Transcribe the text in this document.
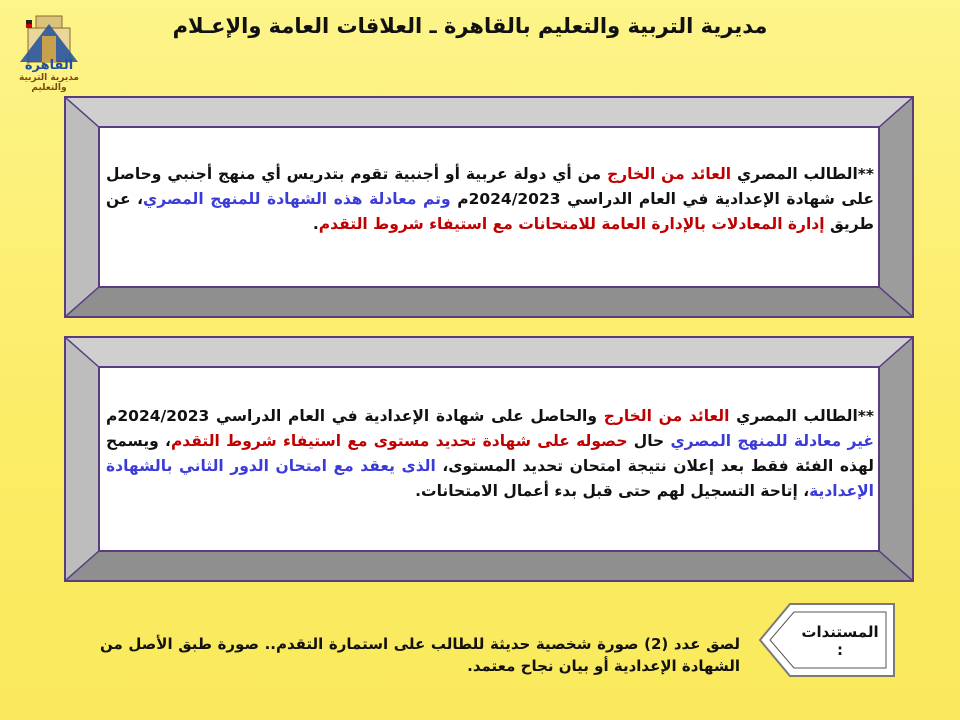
القاهرة
مديرية التربية والتعليم
مديرية التربية والتعليم بالقاهرة ـ العلاقات العامة والإعـلام
**الطالب المصري العائد من الخارج من أي دولة عربية أو أجنبية تقوم بتدريس أي منهج أجنبي وحاصل على شهادة الإعدادية في العام الدراسي 2024/2023م وتم معادلة هذه الشهادة للمنهج المصري، عن طريق إدارة المعادلات بالإدارة العامة للامتحانات مع استيفاء شروط التقدم.
**الطالب المصري العائد من الخارج والحاصل على شهادة الإعدادية في العام الدراسي 2024/2023م غير معادلة للمنهج المصري حال حصوله على شهادة تحديد مستوى مع استيفاء شروط التقدم، ويسمح لهذه الفئة فقط بعد إعلان نتيجة امتحان تحديد المستوى، الذى يعقد مع امتحان الدور الثاني بالشهادة الإعدادية، إتاحة التسجيل لهم حتى قبل بدء أعمال الامتحانات.
المستندات :
لصق عدد (2) صورة شخصية حديثة للطالب على استمارة التقدم.. صورة طبق الأصل من الشهادة الإعدادية أو بيان نجاح معتمد.
